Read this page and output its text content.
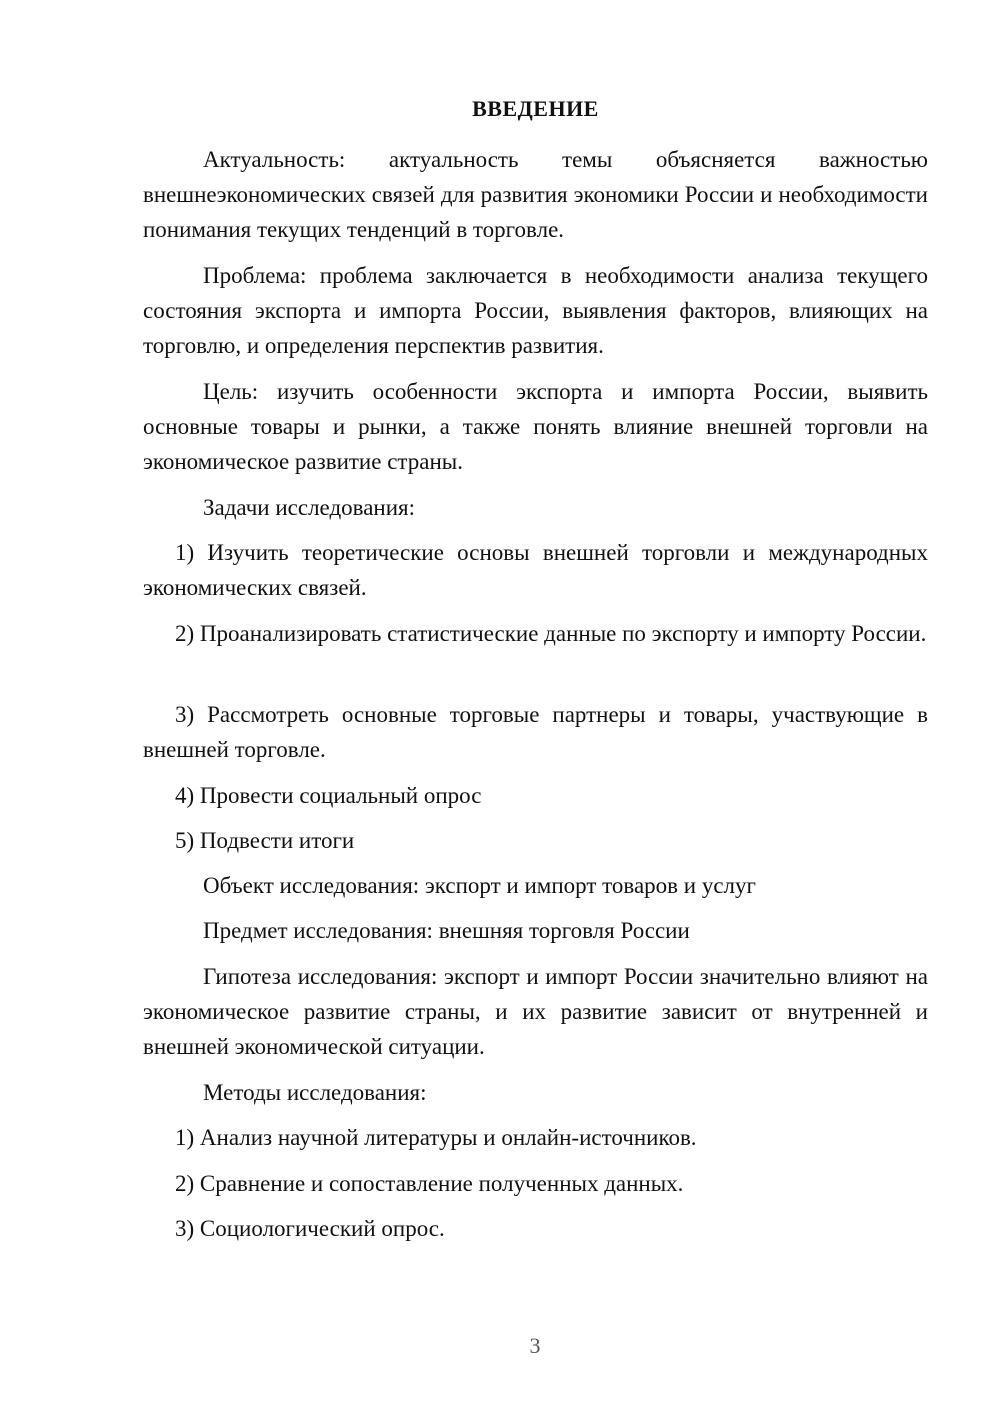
ВВЕДЕНИЕ
Актуальность: актуальность темы объясняется важностью внешнеэкономических связей для развития экономики России и необходимости понимания текущих тенденций в торговле.
Проблема: проблема заключается в необходимости анализа текущего состояния экспорта и импорта России, выявления факторов, влияющих на торговлю, и определения перспектив развития.
Цель: изучить особенности экспорта и импорта России, выявить основные товары и рынки, а также понять влияние внешней торговли на экономическое развитие страны.
Задачи исследования:
1) Изучить теоретические основы внешней торговли и международных экономических связей.
2) Проанализировать статистические данные по экспорту и импорту России.
3) Рассмотреть основные торговые партнеры и товары, участвующие в внешней торговле.
4) Провести социальный опрос
5) Подвести итоги
Объект исследования: экспорт и импорт товаров и услуг
Предмет исследования: внешняя торговля России
Гипотеза исследования: экспорт и импорт России значительно влияют на экономическое развитие страны, и их развитие зависит от внутренней и внешней экономической ситуации.
Методы исследования:
1) Анализ научной литературы и онлайн-источников.
2) Сравнение и сопоставление полученных данных.
3) Социологический опрос.
3
